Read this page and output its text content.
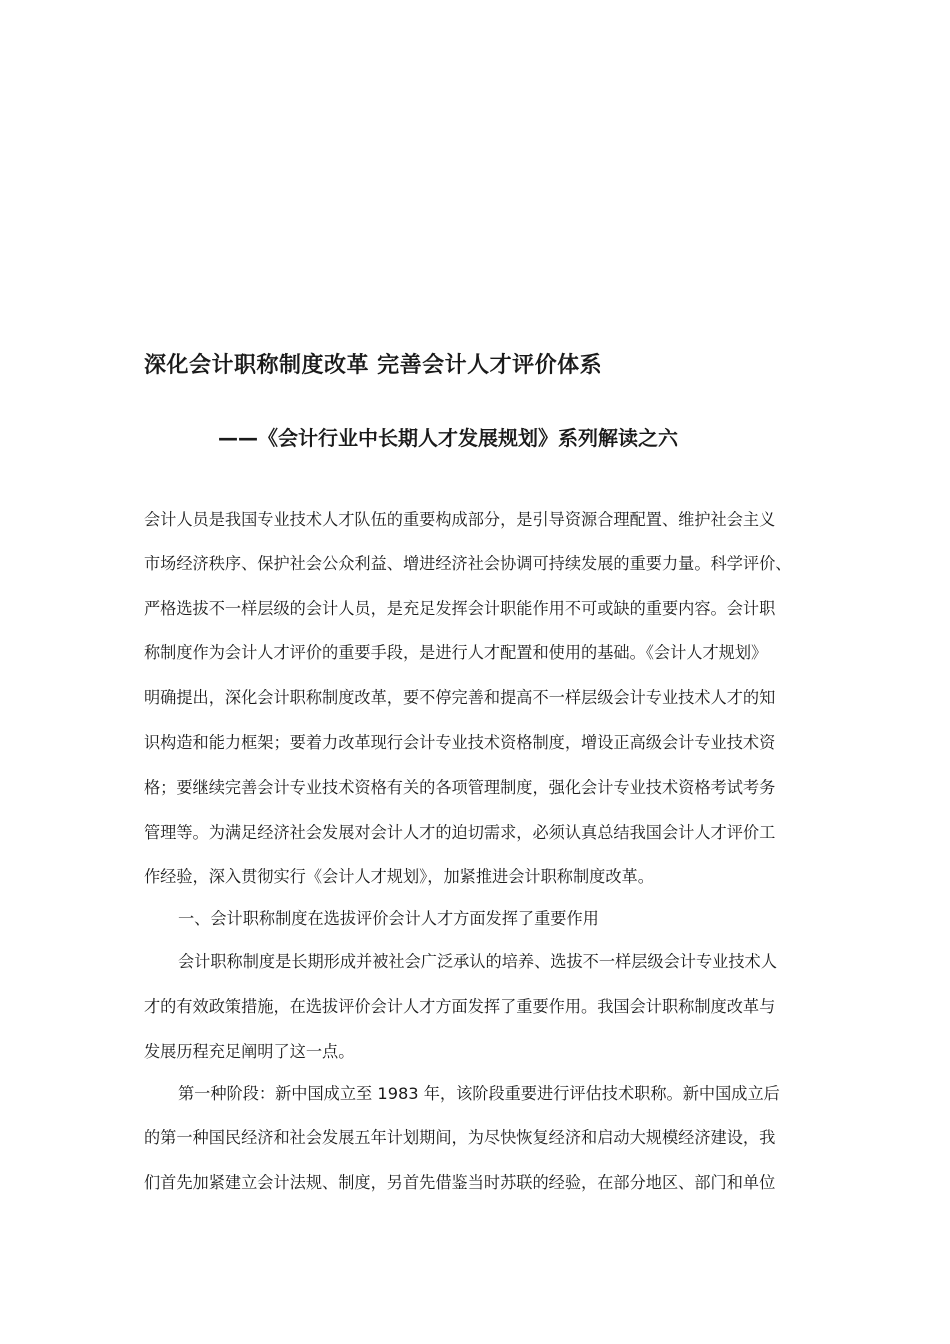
深化会计职称制度改革 完善会计人才评价体系
——《会计行业中长期人才发展规划》系列解读之六

会计人员是我国专业技术人才队伍的重要构成部分，是引导资源合理配置、维护社会主义

市场经济秩序、保护社会公众利益、增进经济社会协调可持续发展的重要力量。科学评价、

严格选拔不一样层级的会计人员，是充足发挥会计职能作用不可或缺的重要内容。会计职

称制度作为会计人才评价的重要手段，是进行人才配置和使用的基础。《会计人才规划》

明确提出，深化会计职称制度改革，要不停完善和提高不一样层级会计专业技术人才的知

识构造和能力框架；要着力改革现行会计专业技术资格制度，增设正高级会计专业技术资

格；要继续完善会计专业技术资格有关的各项管理制度，强化会计专业技术资格考试考务

管理等。为满足经济社会发展对会计人才的迫切需求，必须认真总结我国会计人才评价工

作经验，深入贯彻实行《会计人才规划》，加紧推进会计职称制度改革。

一、会计职称制度在选拔评价会计人才方面发挥了重要作用

会计职称制度是长期形成并被社会广泛承认的培养、选拔不一样层级会计专业技术人

才的有效政策措施，在选拔评价会计人才方面发挥了重要作用。我国会计职称制度改革与

发展历程充足阐明了这一点。

第一种阶段：新中国成立至 1983 年，该阶段重要进行评估技术职称。新中国成立后

的第一种国民经济和社会发展五年计划期间，为尽快恢复经济和启动大规模经济建设，我

们首先加紧建立会计法规、制度，另首先借鉴当时苏联的经验，在部分地区、部门和单位
